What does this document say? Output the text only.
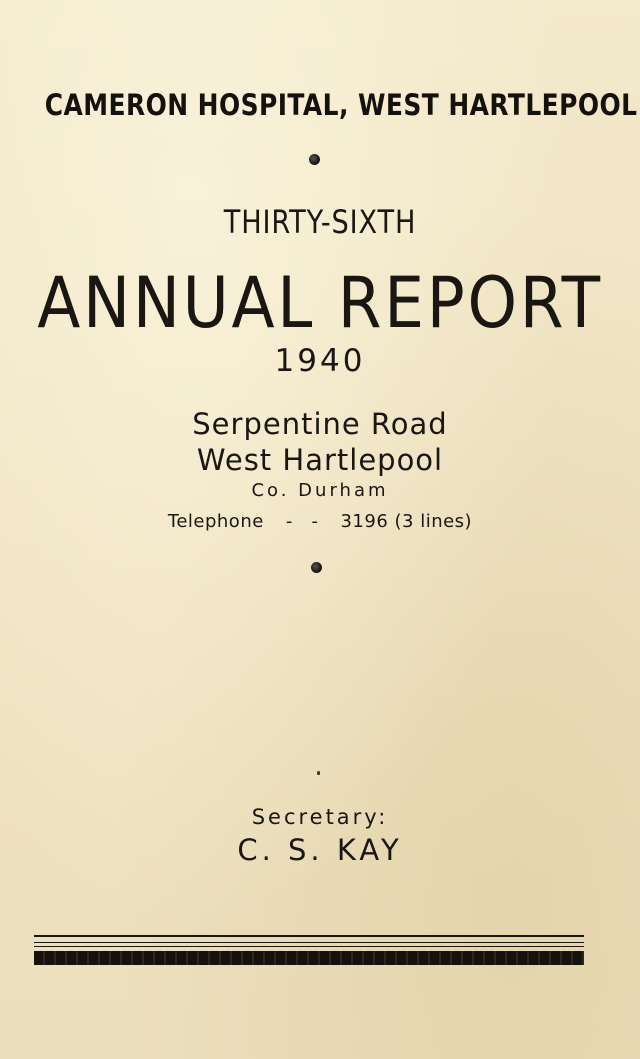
CAMERON HOSPITAL, WEST HARTLEPOOL
THIRTY-SIXTH
ANNUAL REPORT
1940
Serpentine Road
West Hartlepool
Co. Durham
Telephone -   - 3196 (3 lines)
Secretary:
C. S. KAY
